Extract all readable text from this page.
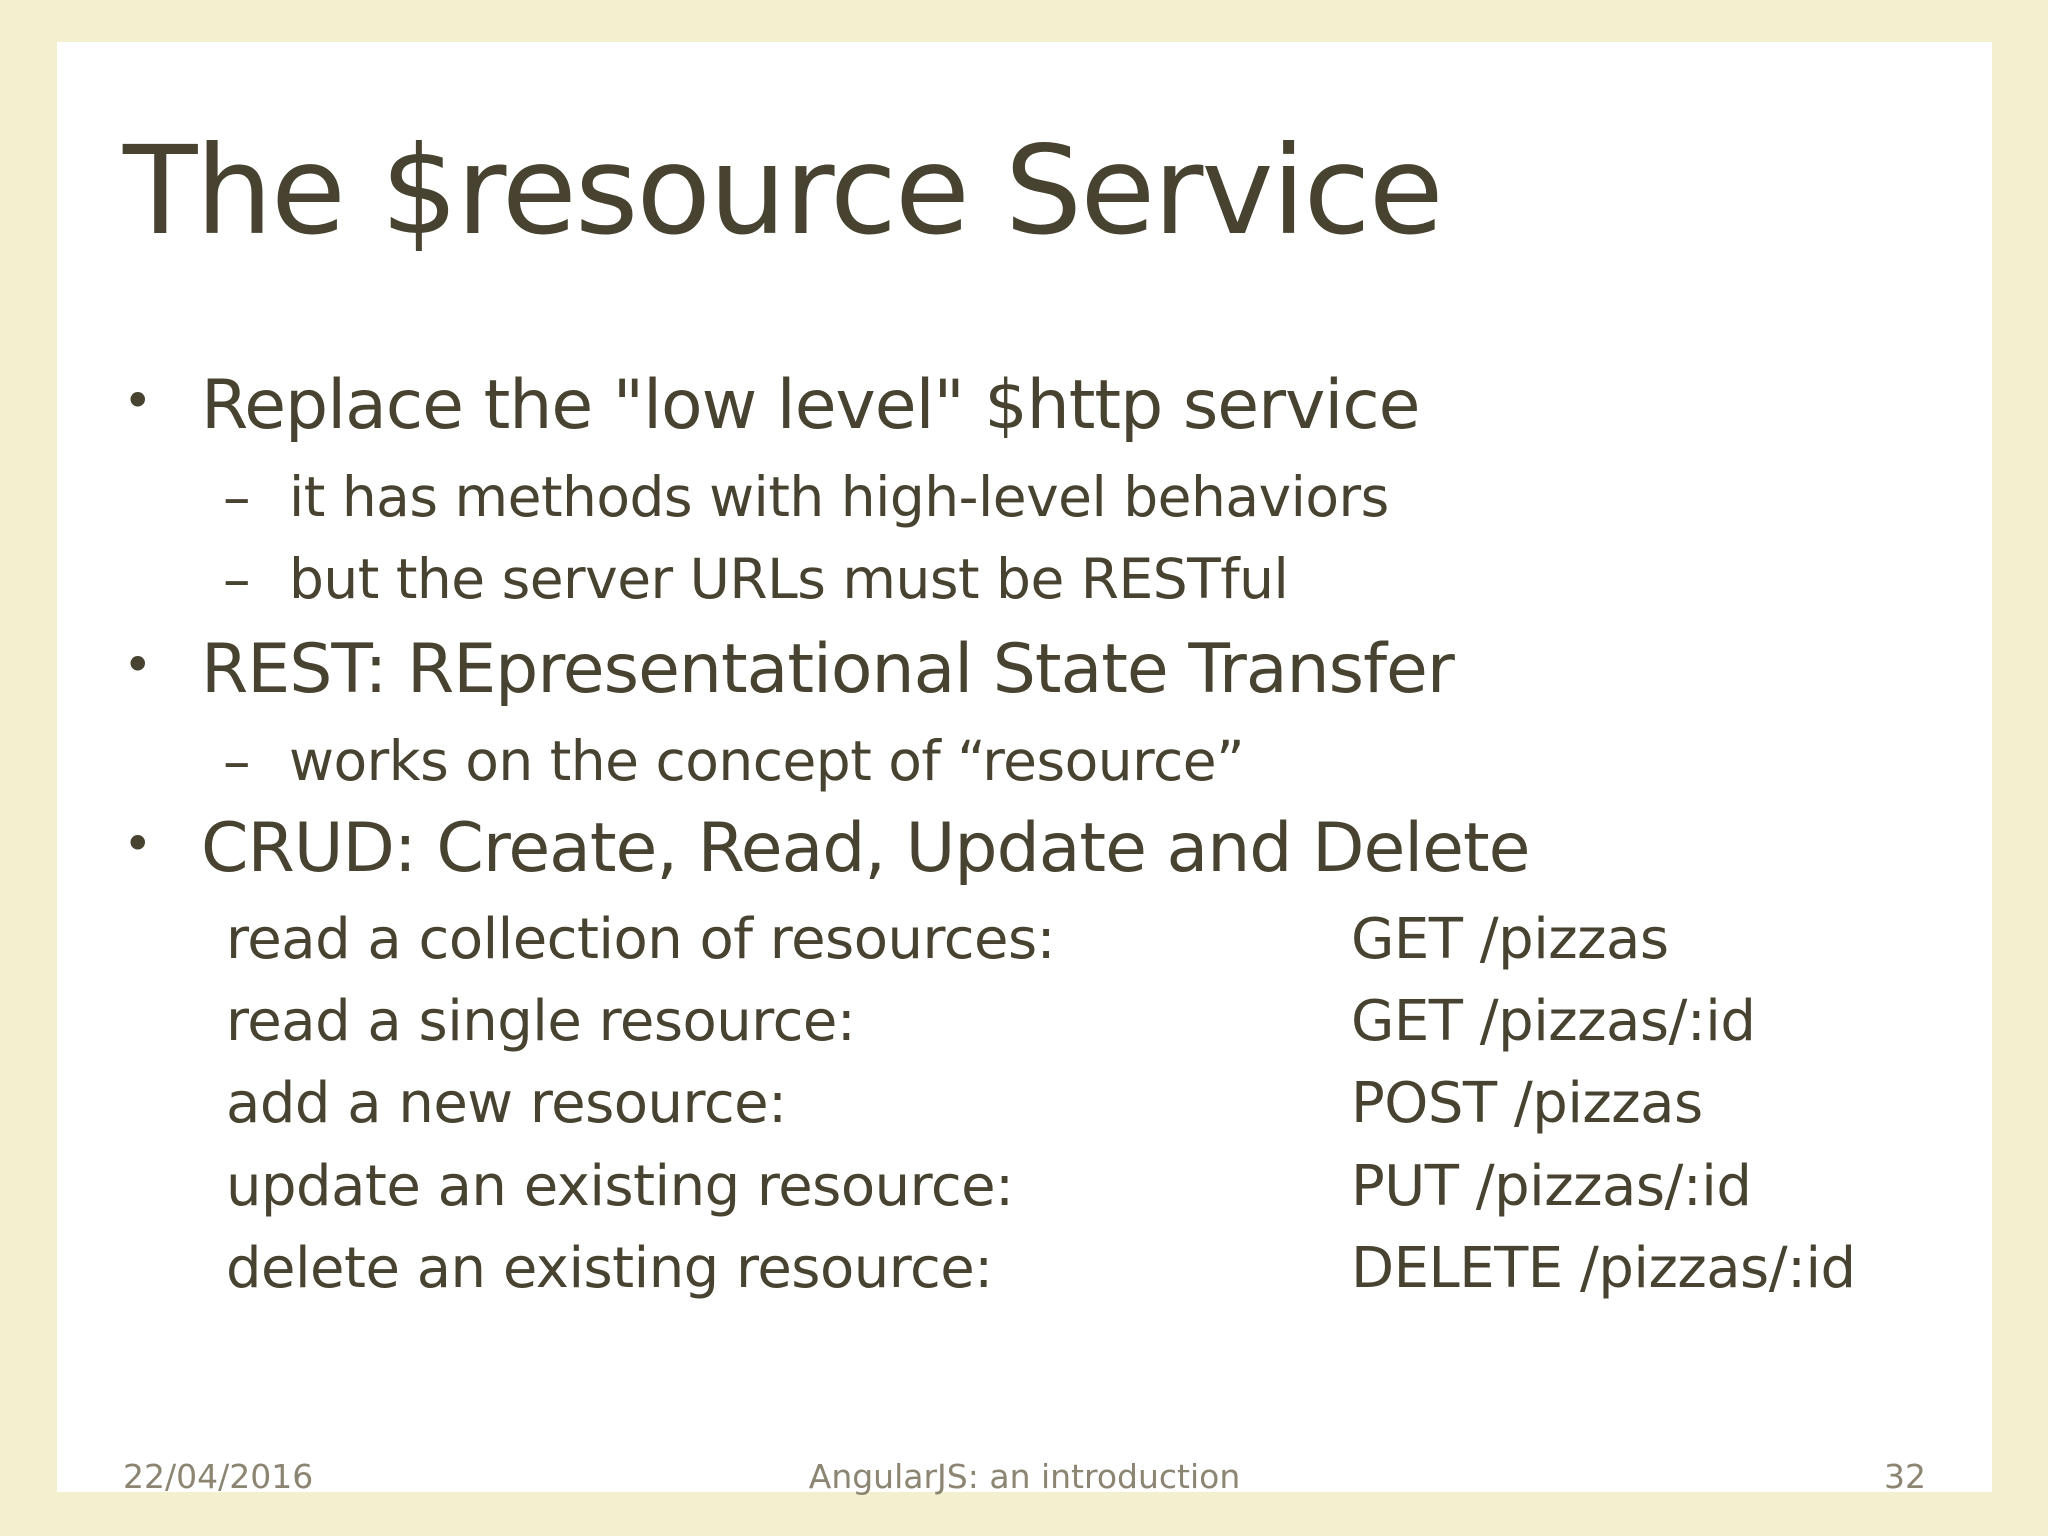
The $resource Service
• Replace the "low level" $http service
– it has methods with high-level behaviors
– but the server URLs must be RESTful
• REST: REpresentational State Transfer
– works on the concept of “resource”
• CRUD: Create, Read, Update and Delete
read a collection of resources:	GET /pizzas
read a single resource:	GET /pizzas/:id
add a new resource:	POST /pizzas
update an existing resource:	PUT /pizzas/:id
delete an existing resource:	DELETE /pizzas/:id
22/04/2016	AngularJS: an introduction	32
